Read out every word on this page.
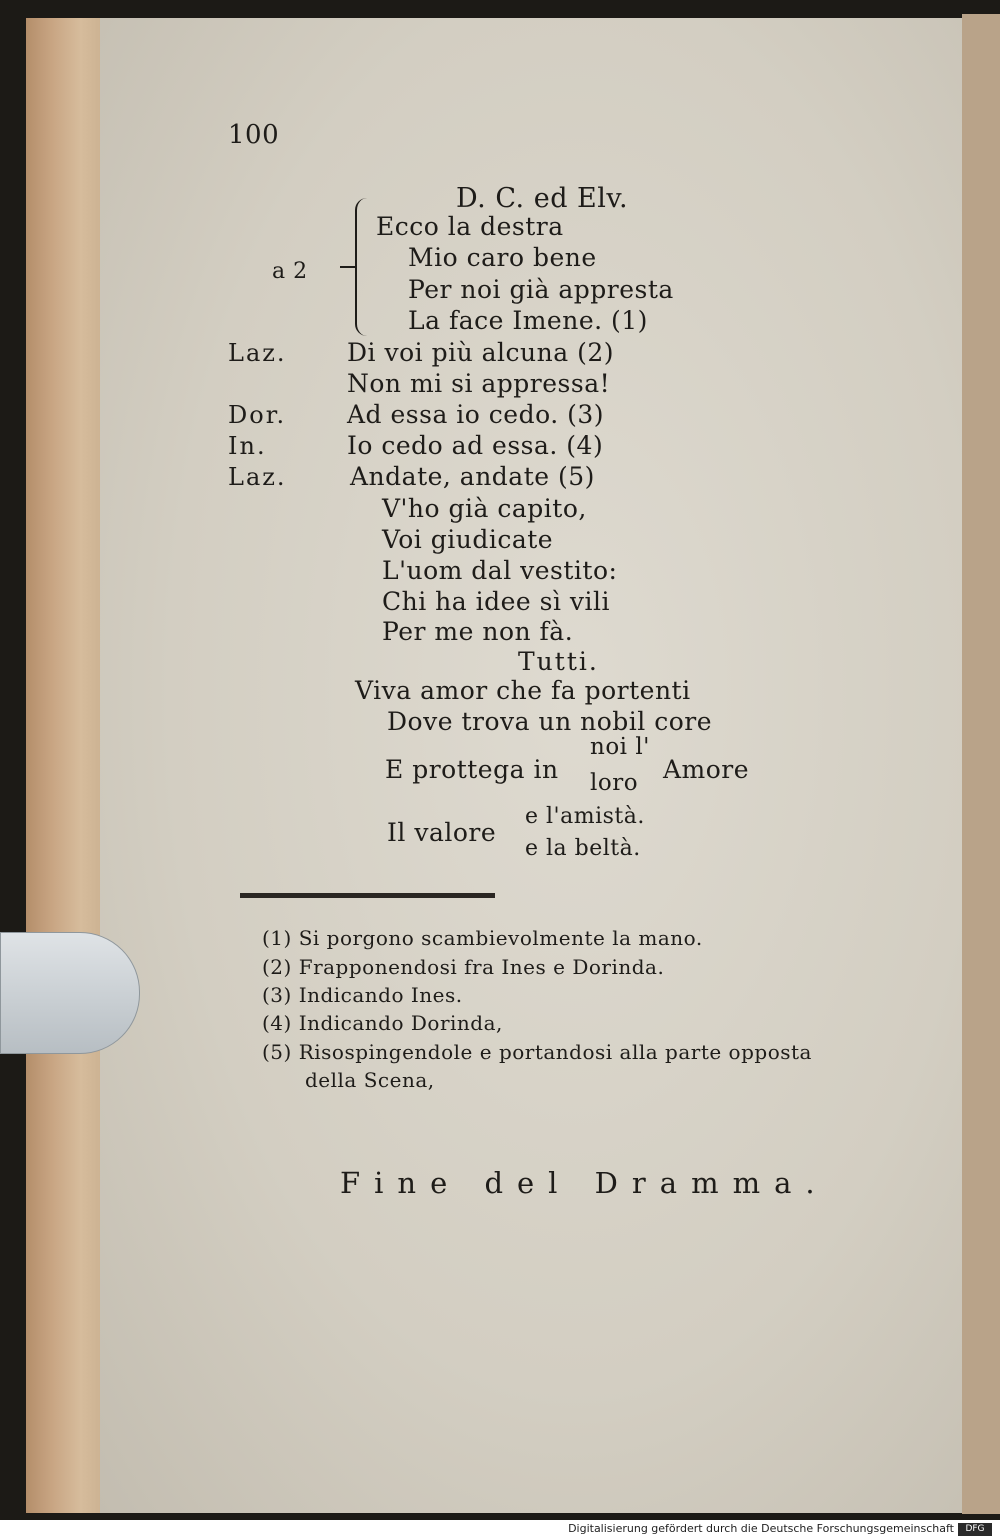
100
D. C. ed Elv.
a 2
Ecco la destra
Mio caro bene
Per noi già appresta
La face Imene. (1)
Laz. Di voi più alcuna (2)
Non mi si appressa!
Dor. Ad essa io cedo. (3)
In.	Io cedo ad essa. (4)
Laz.	Andate, andate (5)
V'ho già capito,
Voi giudicate
L'uom dal vestito:
Chi ha idee sì vili
Per me non fà.
Tutti.
Viva amor che fa portenti
Dove trova un nobil core
E prottega in
noi l'
loro Amore
Il valore
e l'amistà.
e la beltà.
(1) Si porgono scambievolmente la mano.
(2) Frapponendosi fra Ines e Dorinda.
(3) Indicando Ines.
(4) Indicando Dorinda,
(5) Risospingendole e portandosi alla parte opposta
della Scena,
Fine del Dramma.
Digitalisierung gefördert durch die Deutsche Forschungsgemeinschaft	DFG
